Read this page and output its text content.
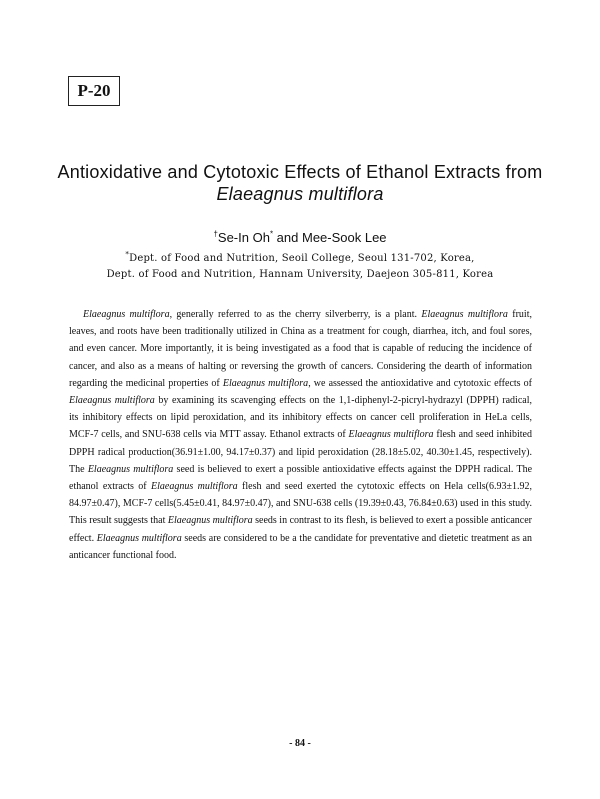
P-20
Antioxidative and Cytotoxic Effects of Ethanol Extracts from
Elaeagnus multiflora
†Se-In Oh* and Mee-Sook Lee
*Dept. of Food and Nutrition, Seoil College, Seoul 131-702, Korea,
Dept. of Food and Nutrition, Hannam University, Daejeon 305-811, Korea

Elaeagnus multiflora, generally referred to as the cherry silverberry, is a plant. Elaeagnus multiflora fruit, leaves, and roots have been traditionally utilized in China as a treatment for cough, diarrhea, itch, and foul sores, and even cancer. More importantly, it is being investigated as a food that is capable of reducing the incidence of cancer, and also as a means of halting or reversing the growth of cancers. Considering the dearth of information regarding the medicinal properties of Elaeagnus multiflora, we assessed the antioxidative and cytotoxic effects of Elaeagnus multiflora by examining its scavenging effects on the 1,1-diphenyl-2-picryl-hydrazyl (DPPH) radical, its inhibitory effects on lipid peroxidation, and its inhibitory effects on cancer cell proliferation in HeLa cells, MCF-7 cells, and SNU-638 cells via MTT assay. Ethanol extracts of Elaeagnus multiflora flesh and seed inhibited DPPH radical production(36.91±1.00, 94.17±0.37) and lipid peroxidation (28.18±5.02, 40.30±1.45, respectively). The Elaeagnus multiflora seed is believed to exert a possible antioxidative effects against the DPPH radical. The ethanol extracts of Elaeagnus multiflora flesh and seed exerted the cytotoxic effects on Hela cells(6.93±1.92, 84.97±0.47), MCF-7 cells(5.45±0.41, 84.97±0.47), and SNU-638 cells (19.39±0.43, 76.84±0.63) used in this study. This result suggests that Elaeagnus multiflora seeds in contrast to its flesh, is believed to exert a possible anticancer effect. Elaeagnus multiflora seeds are considered to be a the candidate for preventative and dietetic treatment as an anticancer functional food.

- 84 -
